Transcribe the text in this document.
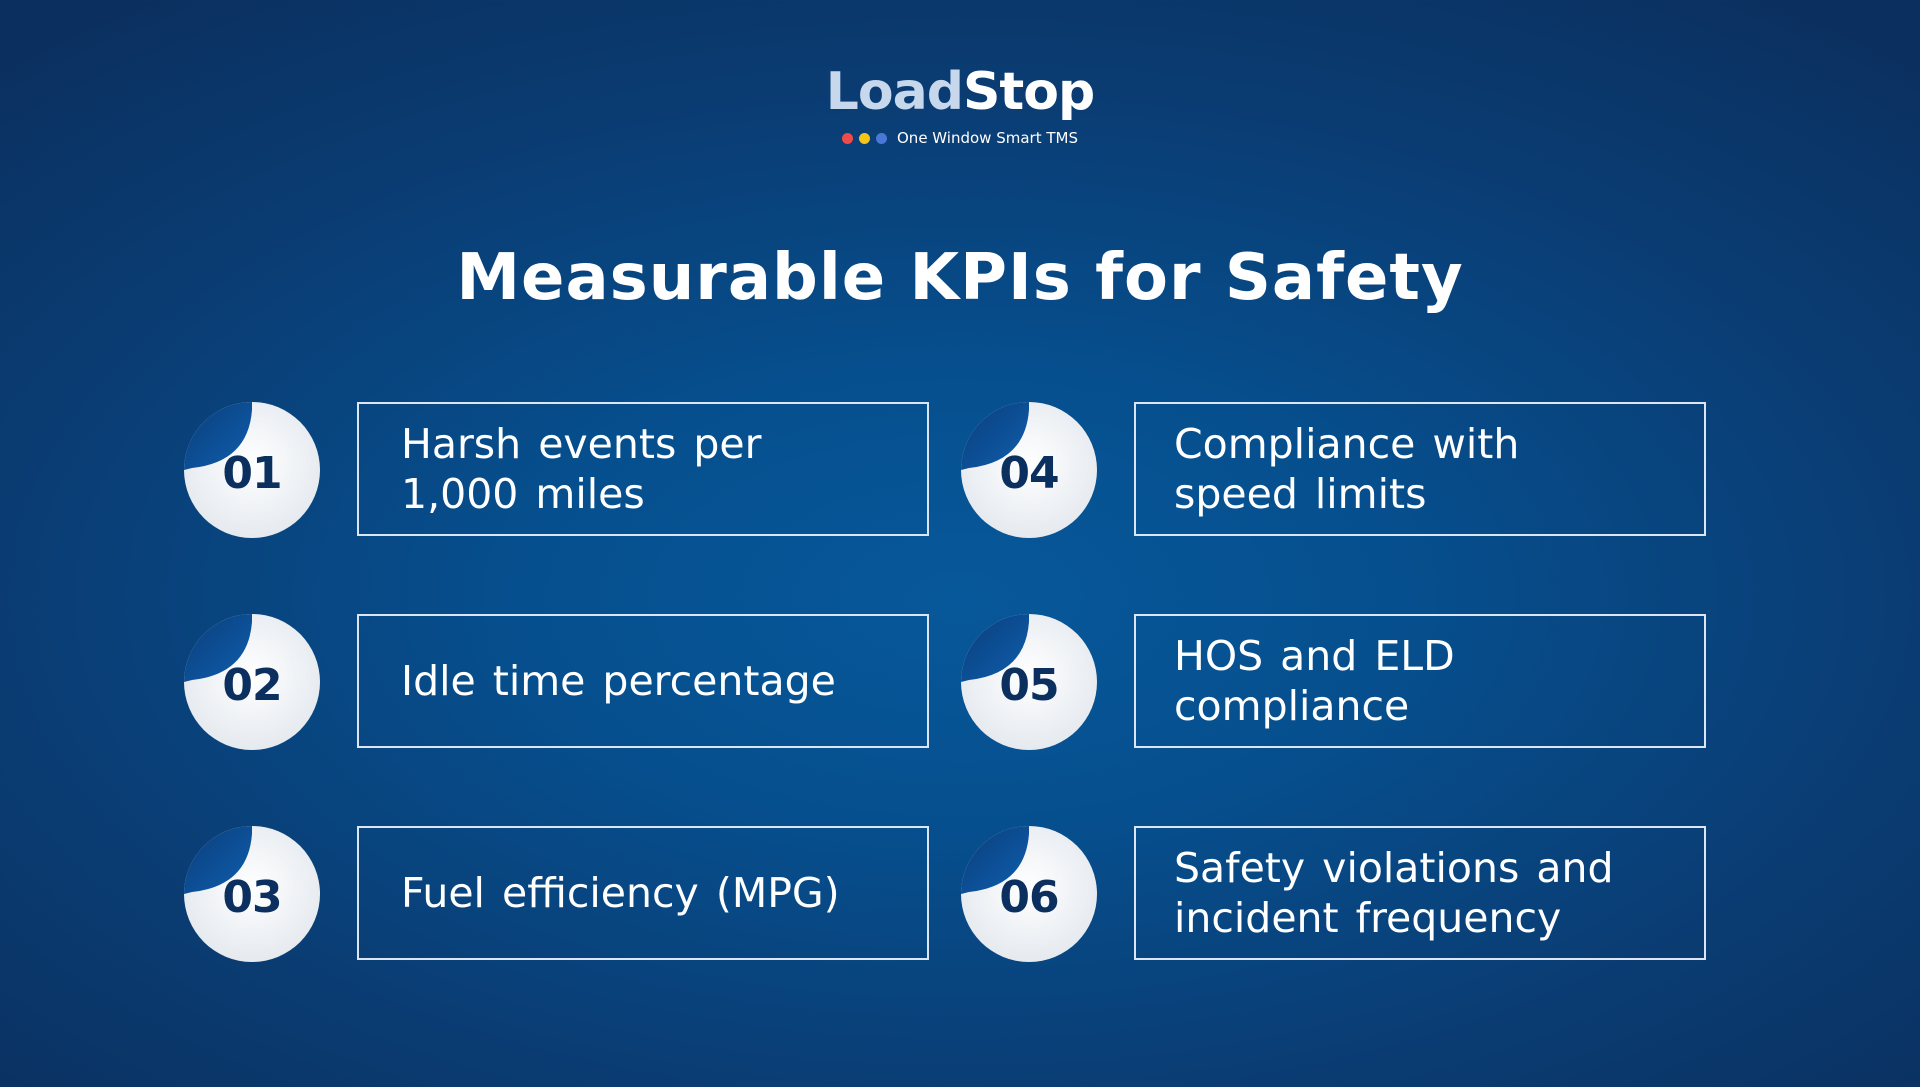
LoadStop
One Window Smart TMS
Measurable KPIs for Safety
01
Harsh events per 1,000 miles
02	Idle time percentage
03	Fuel efficiency (MPG)
04
Compliance with speed limits
05
HOS and ELD compliance
06
Safety violations and incident frequency
